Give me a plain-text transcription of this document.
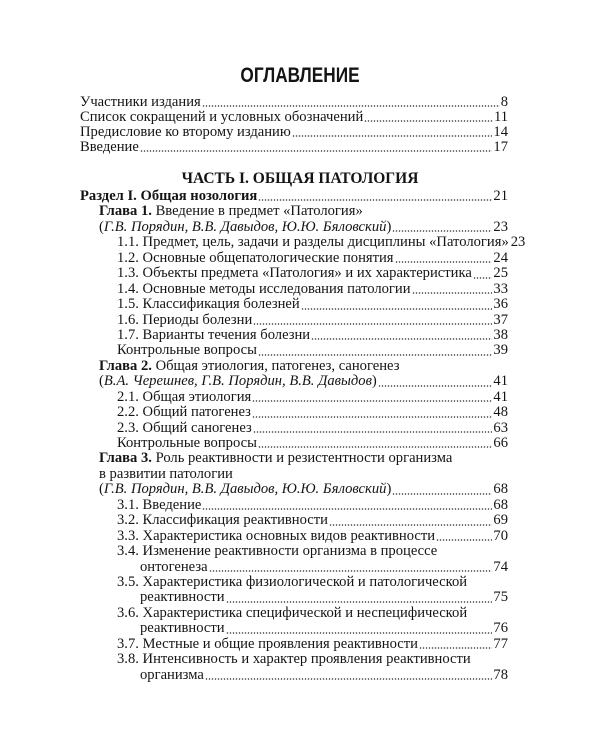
ОГЛАВЛЕНИЕ
Участники издания	8
Список сокращений и условных обозначений	11
Предисловие ко второму изданию	14
Введение	17
ЧАСТЬ I. ОБЩАЯ ПАТОЛОГИЯ
Раздел I. Общая нозология	21
Глава 1.
Введение в предмет «Патология»
(Г.В. Порядин, В.В. Давыдов, Ю.Ю. Бяловский)	23
1.1. Предмет, цель, задачи и разделы дисциплины «Патология» 23
1.2. Основные общепатологические понятия	24
1.3. Объекты предмета «Патология» и их характеристика 25
1.4. Основные методы исследования патологии	33
1.5. Классификация болезней	36
1.6. Периоды болезни	37
1.7. Варианты течения болезни	38
Контрольные вопросы	39
Глава 2.
Общая этиология, патогенез, саногенез
(В.А. Черешнев, Г.В. Порядин, В.В. Давыдов)	41
2.1. Общая этиология	41
2.2. Общий патогенез	48
2.3. Общий саногенез	63
Контрольные вопросы	66
Глава 3.
Роль реактивности и резистентности организма
в развитии патологии
(Г.В. Порядин, В.В. Давыдов, Ю.Ю. Бяловский)	68
3.1. Введение	68
3.2. Классификация реактивности	69
3.3. Характеристика основных видов реактивности	70
3.4. Изменение реактивности организма в процессе
онтогенеза	74
3.5. Характеристика физиологической и патологической
реактивности	75
3.6. Характеристика специфической и неспецифической
реактивности	76
3.7. Местные и общие проявления реактивности	77
3.8. Интенсивность и характер проявления реактивности
организма	78
